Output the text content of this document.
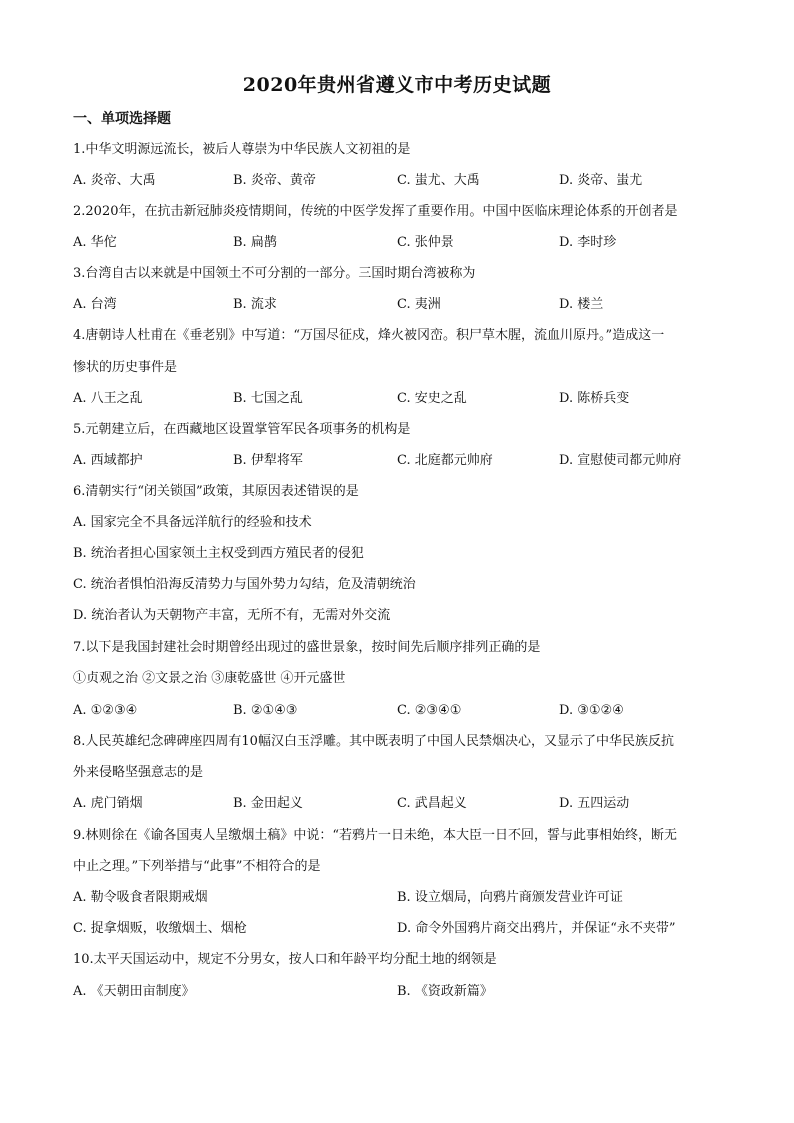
2020年贵州省遵义市中考历史试题
一、单项选择题
1.中华文明源远流长，被后人尊崇为中华民族人文初祖的是
A. 炎帝、大禹	B. 炎帝、黄帝	C. 蚩尤、大禹	D. 炎帝、蚩尤
2.2020年，在抗击新冠肺炎疫情期间，传统的中医学发挥了重要作用。中国中医临床理论体系的开创者是
A. 华佗	B. 扁鹊	C. 张仲景	D. 李时珍
3.台湾自古以来就是中国领土不可分割的一部分。三国时期台湾被称为
A. 台湾	B. 流求	C. 夷洲	D. 楼兰
4.唐朝诗人杜甫在《垂老别》中写道：“万国尽征戍，烽火被冈峦。积尸草木腥，流血川原丹。”造成这一
惨状的历史事件是
A. 八王之乱	B. 七国之乱	C. 安史之乱	D. 陈桥兵变
5.元朝建立后，在西藏地区设置掌管军民各项事务的机构是
A. 西域都护	B. 伊犁将军	C. 北庭都元帅府	D. 宣慰使司都元帅府
6.清朝实行“闭关锁国”政策，其原因表述错误的是
A. 国家完全不具备远洋航行的经验和技术
B. 统治者担心国家领土主权受到西方殖民者的侵犯
C. 统治者惧怕沿海反清势力与国外势力勾结，危及清朝统治
D. 统治者认为天朝物产丰富，无所不有，无需对外交流
7.以下是我国封建社会时期曾经出现过的盛世景象，按时间先后顺序排列正确的是
①贞观之治 ②文景之治 ③康乾盛世 ④开元盛世
A. ①②③④	B. ②①④③	C. ②③④①	D. ③①②④
8.人民英雄纪念碑碑座四周有10幅汉白玉浮雕。其中既表明了中国人民禁烟决心，又显示了中华民族反抗
外来侵略坚强意志的是
A. 虎门销烟	B. 金田起义	C. 武昌起义	D. 五四运动
9.林则徐在《谕各国夷人呈缴烟土稿》中说：“若鸦片一日未绝，本大臣一日不回，誓与此事相始终，断无
中止之理。”下列举措与“此事”不相符合的是
A. 勒令吸食者限期戒烟	B. 设立烟局，向鸦片商颁发营业许可证
C. 捉拿烟贩，收缴烟土、烟枪	D. 命令外国鸦片商交出鸦片，并保证“永不夹带”
10.太平天国运动中，规定不分男女，按人口和年龄平均分配土地的纲领是
A. 《天朝田亩制度》	B. 《资政新篇》
